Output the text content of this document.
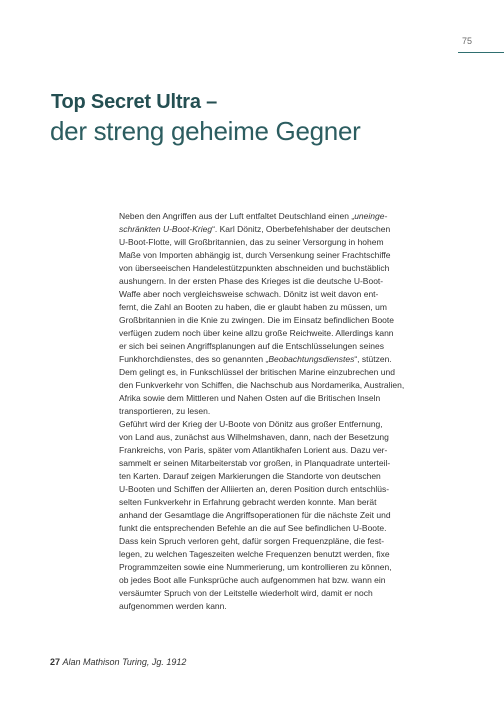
75
Top Secret Ultra –
der streng geheime Gegner
Neben den Angriffen aus der Luft entfaltet Deutschland einen „uneinge-
schränkten U-Boot-Krieg“. Karl Dönitz, Oberbefehlshaber der deutschen
U-Boot-Flotte, will Großbritannien, das zu seiner Versorgung in hohem
Maße von Importen abhängig ist, durch Versenkung seiner Frachtschiffe
von überseeischen Handelestützpunkten abschneiden und buchstäblich
aushungern. In der ersten Phase des Krieges ist die deutsche U-Boot-
Waffe aber noch vergleichsweise schwach. Dönitz ist weit davon ent-
fernt, die Zahl an Booten zu haben, die er glaubt haben zu müssen, um
Großbritannien in die Knie zu zwingen. Die im Einsatz befindlichen Boote
verfügen zudem noch über keine allzu große Reichweite. Allerdings kann
er sich bei seinen Angriffsplanungen auf die Entschlüsselungen seines
Funkhorchdienstes, des so genannten „Beobachtungsdienstes“, stützen.
Dem gelingt es, in Funkschlüssel der britischen Marine einzubrechen und
den Funkverkehr von Schiffen, die Nachschub aus Nordamerika, Australien,
Afrika sowie dem Mittleren und Nahen Osten auf die Britischen Inseln
transportieren, zu lesen.
Geführt wird der Krieg der U-Boote von Dönitz aus großer Entfernung,
von Land aus, zunächst aus Wilhelmshaven, dann, nach der Besetzung
Frankreichs, von Paris, später vom Atlantikhafen Lorient aus. Dazu ver-
sammelt er seinen Mitarbeiterstab vor großen, in Planquadrate unterteil-
ten Karten. Darauf zeigen Markierungen die Standorte von deutschen
U-Booten und Schiffen der Alliierten an, deren Position durch entschlüs-
selten Funkverkehr in Erfahrung gebracht werden konnte. Man berät
anhand der Gesamtlage die Angriffsoperationen für die nächste Zeit und
funkt die entsprechenden Befehle an die auf See befindlichen U-Boote.
Dass kein Spruch verloren geht, dafür sorgen Frequenzpläne, die fest-
legen, zu welchen Tageszeiten welche Frequenzen benutzt werden, fixe
Programmzeiten sowie eine Nummerierung, um kontrollieren zu können,
ob jedes Boot alle Funksprüche auch aufgenommen hat bzw. wann ein
versäumter Spruch von der Leitstelle wiederholt wird, damit er noch
aufgenommen werden kann.
27 Alan Mathison Turing, Jg. 1912
